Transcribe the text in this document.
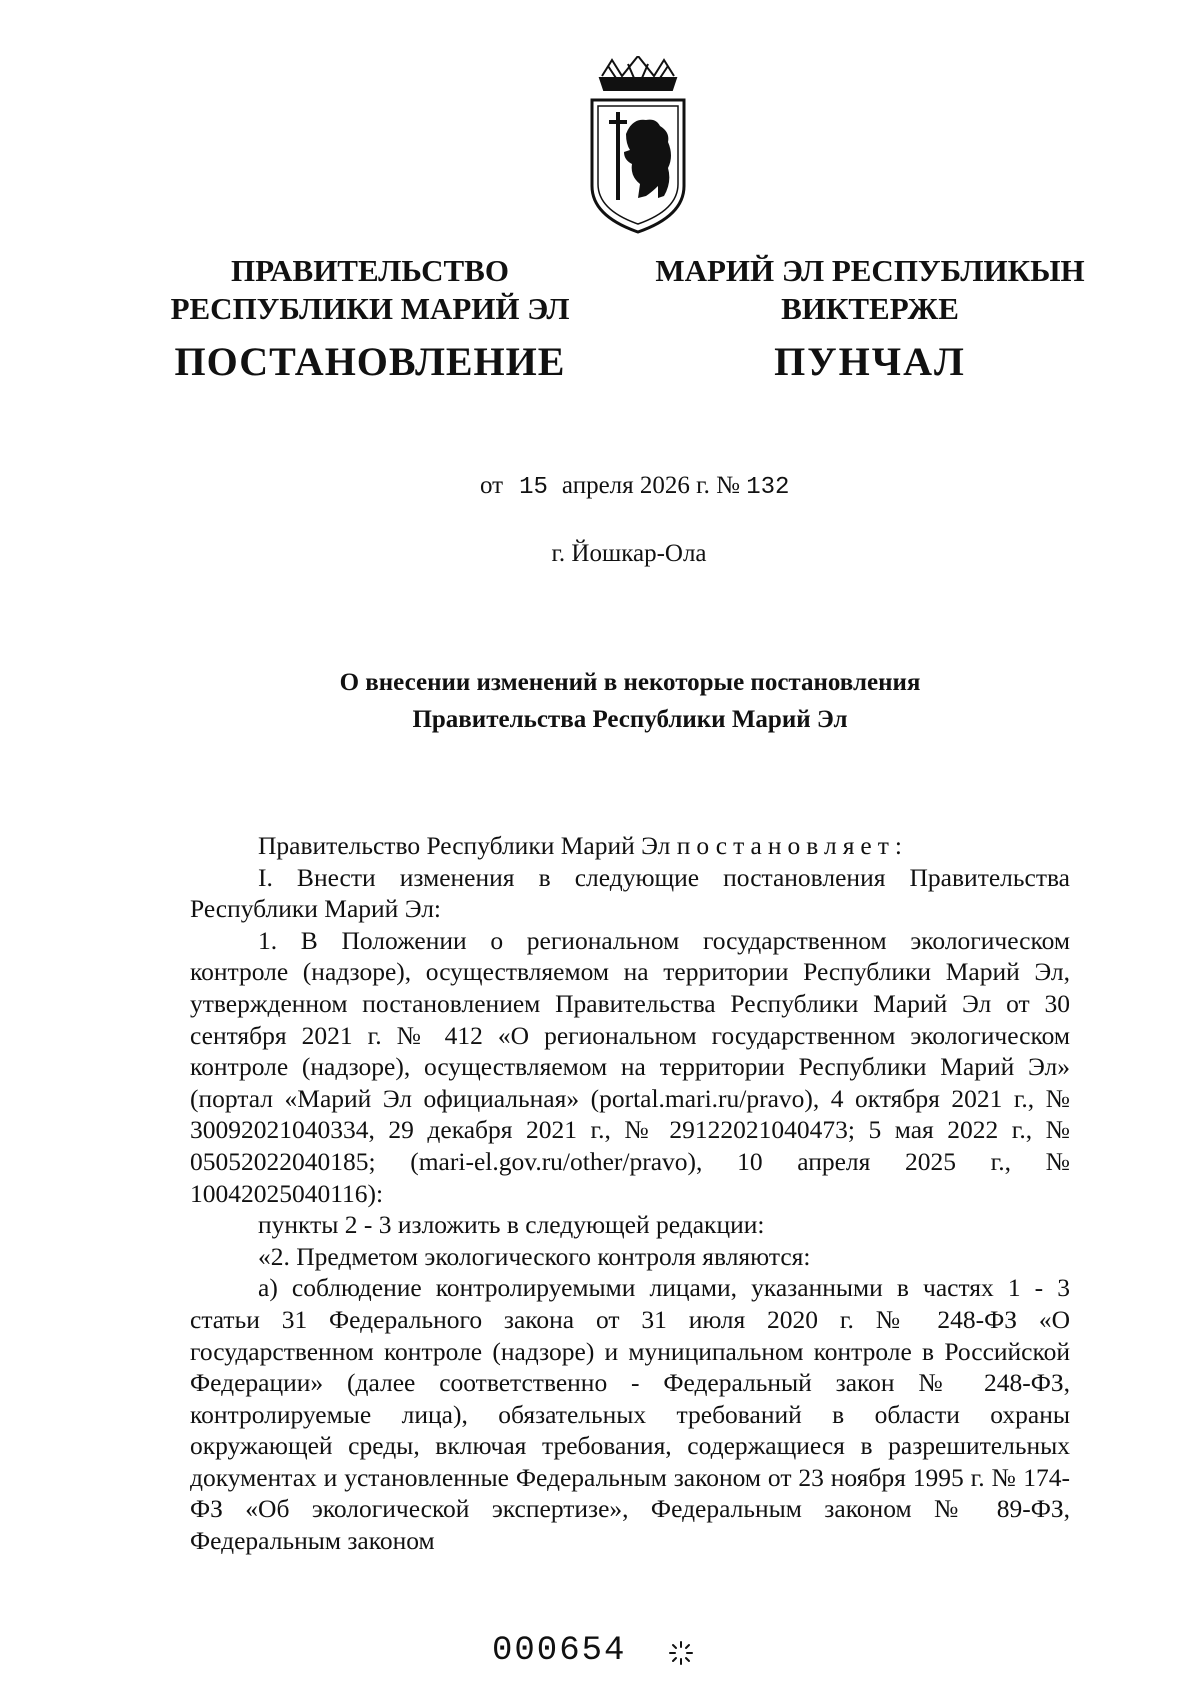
ПРАВИТЕЛЬСТВО
РЕСПУБЛИКИ МАРИЙ ЭЛ
МАРИЙ ЭЛ РЕСПУБЛИКЫН
ВИКТЕРЖЕ
ПОСТАНОВЛЕНИЕ	ПУНЧАЛ
от 15 апреля 2026 г. № 132
г. Йошкар-Ола
О внесении изменений в некоторые постановления
Правительства Республики Марий Эл

Правительство Республики Марий Эл постановляет:

I. Внести изменения в следующие постановления Правительства Республики Марий Эл:

1. В Положении о региональном государственном экологическом контроле (надзоре), осуществляемом на территории Республики Марий Эл, утвержденном постановлением Правительства Республики Марий Эл от 30 сентября 2021 г. № 412 «О региональном государственном экологическом контроле (надзоре), осуществляемом на территории Республики Марий Эл» (портал «Марий Эл официальная» (portal.mari.ru/pravo), 4 октября 2021 г., № 30092021040334, 29 декабря 2021 г., № 29122021040473; 5 мая 2022 г., № 05052022040185; (mari-el.gov.ru/other/pravo), 10 апреля 2025 г., № 10042025040116):

пункты 2 - 3 изложить в следующей редакции:

«2. Предметом экологического контроля являются:

а) соблюдение контролируемыми лицами, указанными в частях 1 - 3 статьи 31 Федерального закона от 31 июля 2020 г. № 248-ФЗ «О государственном контроле (надзоре) и муниципальном контроле в Российской Федерации» (далее соответственно - Федеральный закон № 248-ФЗ, контролируемые лица), обязательных требований в области охраны окружающей среды, включая требования, содержащиеся в разрешительных документах и установленные Федеральным законом от 23 ноября 1995 г. № 174-ФЗ «Об экологической экспертизе», Федеральным законом № 89-ФЗ, Федеральным законом

000654
